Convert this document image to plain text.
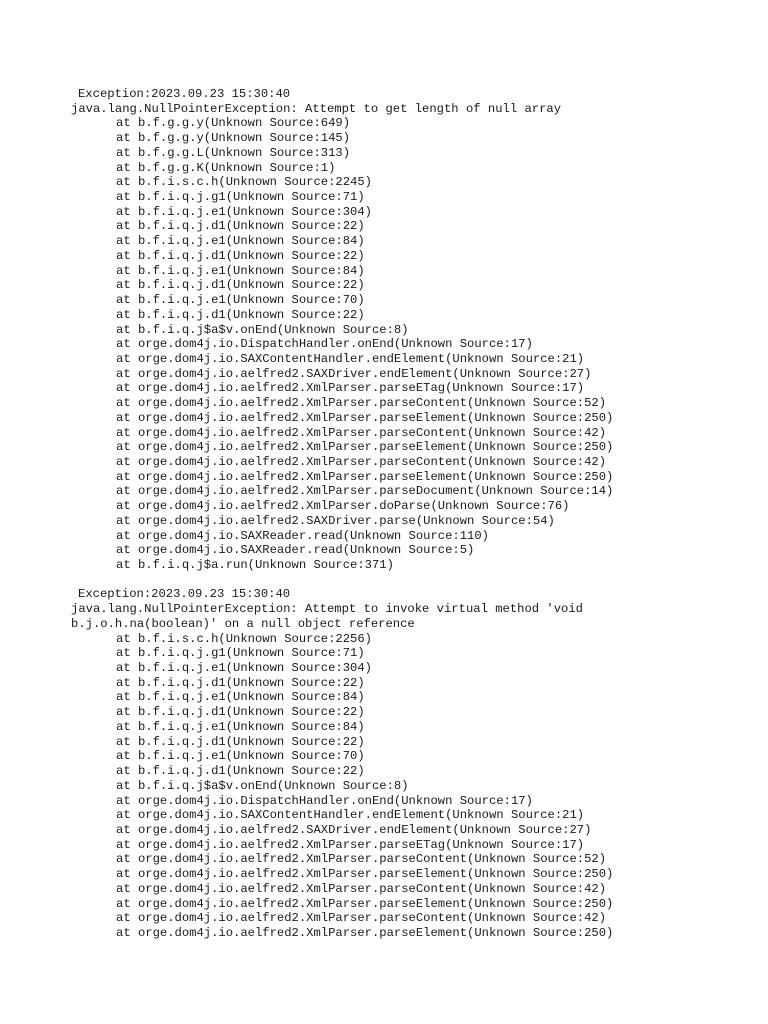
Exception:2023.09.23 15:30:40
java.lang.NullPointerException: Attempt to get length of null array
at b.f.g.g.y(Unknown Source:649)
at b.f.g.g.y(Unknown Source:145)
at b.f.g.g.L(Unknown Source:313)
at b.f.g.g.K(Unknown Source:1)
at b.f.i.s.c.h(Unknown Source:2245)
at b.f.i.q.j.g1(Unknown Source:71)
at b.f.i.q.j.e1(Unknown Source:304)
at b.f.i.q.j.d1(Unknown Source:22)
at b.f.i.q.j.e1(Unknown Source:84)
at b.f.i.q.j.d1(Unknown Source:22)
at b.f.i.q.j.e1(Unknown Source:84)
at b.f.i.q.j.d1(Unknown Source:22)
at b.f.i.q.j.e1(Unknown Source:70)
at b.f.i.q.j.d1(Unknown Source:22)
at b.f.i.q.j$a$v.onEnd(Unknown Source:8)
at orge.dom4j.io.DispatchHandler.onEnd(Unknown Source:17)
at orge.dom4j.io.SAXContentHandler.endElement(Unknown Source:21)
at orge.dom4j.io.aelfred2.SAXDriver.endElement(Unknown Source:27)
at orge.dom4j.io.aelfred2.XmlParser.parseETag(Unknown Source:17)
at orge.dom4j.io.aelfred2.XmlParser.parseContent(Unknown Source:52)
at orge.dom4j.io.aelfred2.XmlParser.parseElement(Unknown Source:250)
at orge.dom4j.io.aelfred2.XmlParser.parseContent(Unknown Source:42)
at orge.dom4j.io.aelfred2.XmlParser.parseElement(Unknown Source:250)
at orge.dom4j.io.aelfred2.XmlParser.parseContent(Unknown Source:42)
at orge.dom4j.io.aelfred2.XmlParser.parseElement(Unknown Source:250)
at orge.dom4j.io.aelfred2.XmlParser.parseDocument(Unknown Source:14)
at orge.dom4j.io.aelfred2.XmlParser.doParse(Unknown Source:76)
at orge.dom4j.io.aelfred2.SAXDriver.parse(Unknown Source:54)
at orge.dom4j.io.SAXReader.read(Unknown Source:110)
at orge.dom4j.io.SAXReader.read(Unknown Source:5)
at b.f.i.q.j$a.run(Unknown Source:371)
Exception:2023.09.23 15:30:40
java.lang.NullPointerException: Attempt to invoke virtual method 'void
b.j.o.h.na(boolean)' on a null object reference
at b.f.i.s.c.h(Unknown Source:2256)
at b.f.i.q.j.g1(Unknown Source:71)
at b.f.i.q.j.e1(Unknown Source:304)
at b.f.i.q.j.d1(Unknown Source:22)
at b.f.i.q.j.e1(Unknown Source:84)
at b.f.i.q.j.d1(Unknown Source:22)
at b.f.i.q.j.e1(Unknown Source:84)
at b.f.i.q.j.d1(Unknown Source:22)
at b.f.i.q.j.e1(Unknown Source:70)
at b.f.i.q.j.d1(Unknown Source:22)
at b.f.i.q.j$a$v.onEnd(Unknown Source:8)
at orge.dom4j.io.DispatchHandler.onEnd(Unknown Source:17)
at orge.dom4j.io.SAXContentHandler.endElement(Unknown Source:21)
at orge.dom4j.io.aelfred2.SAXDriver.endElement(Unknown Source:27)
at orge.dom4j.io.aelfred2.XmlParser.parseETag(Unknown Source:17)
at orge.dom4j.io.aelfred2.XmlParser.parseContent(Unknown Source:52)
at orge.dom4j.io.aelfred2.XmlParser.parseElement(Unknown Source:250)
at orge.dom4j.io.aelfred2.XmlParser.parseContent(Unknown Source:42)
at orge.dom4j.io.aelfred2.XmlParser.parseElement(Unknown Source:250)
at orge.dom4j.io.aelfred2.XmlParser.parseContent(Unknown Source:42)
at orge.dom4j.io.aelfred2.XmlParser.parseElement(Unknown Source:250)
